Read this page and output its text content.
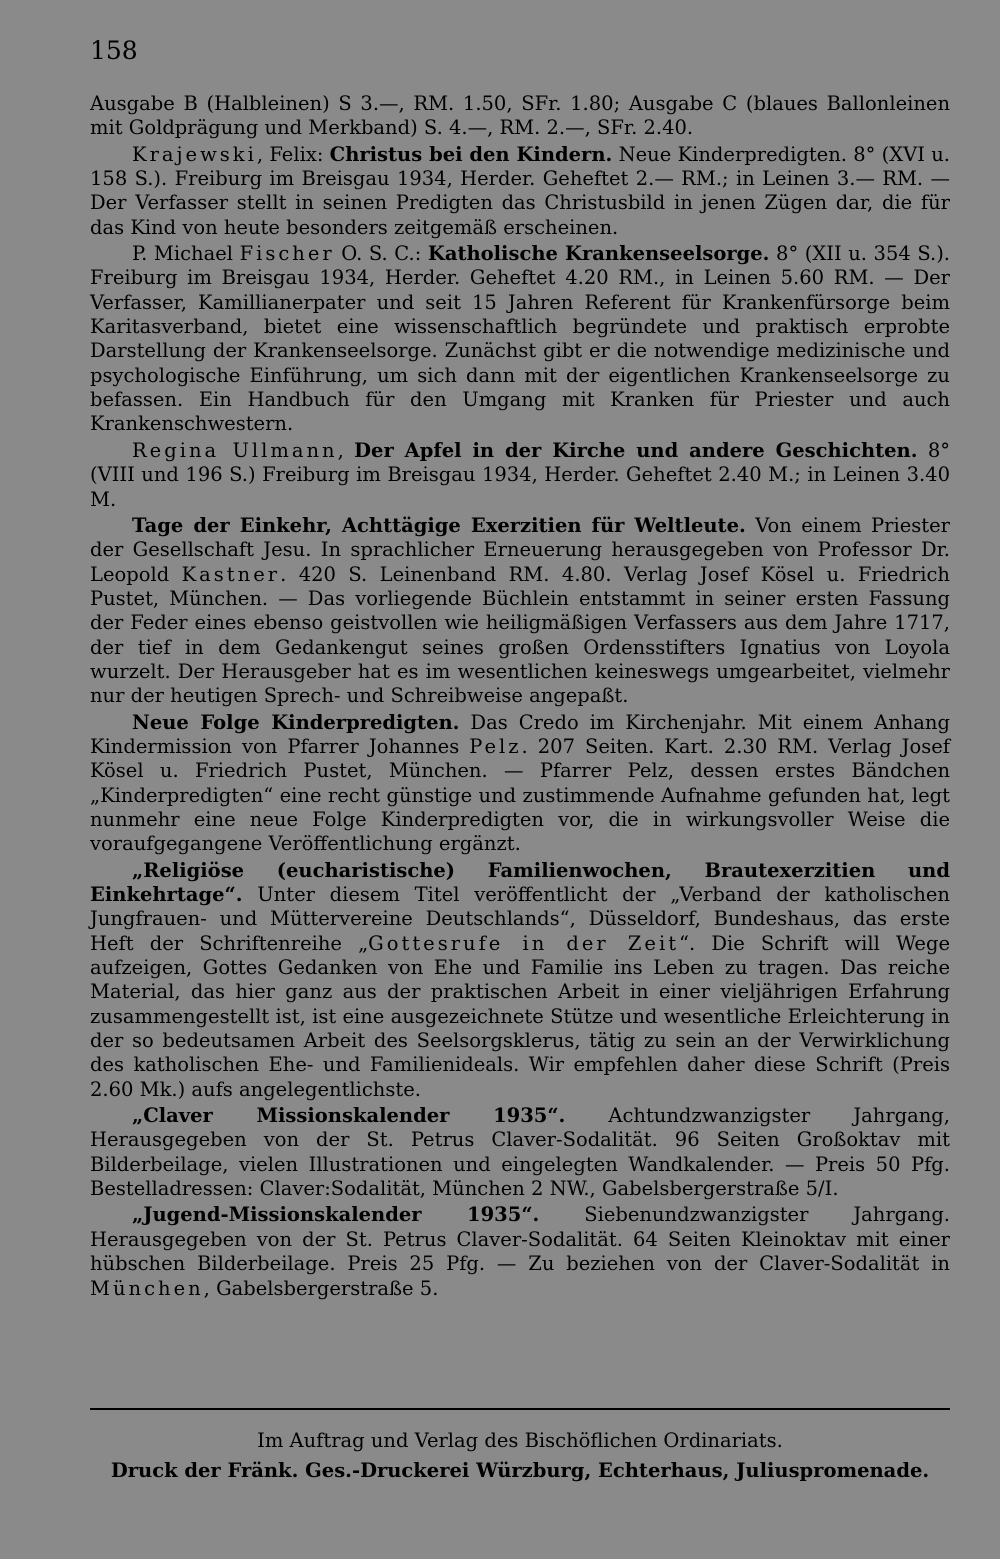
158

Ausgabe B (Halbleinen) S 3.—, RM. 1.50, SFr. 1.80; Ausgabe C (blaues Ballonleinen mit Goldprägung und Merkband) S. 4.—, RM. 2.—, SFr. 2.40.

Krajewski, Felix: Christus bei den Kindern. Neue Kinderpredigten. 8° (XVI u. 158 S.). Freiburg im Breisgau 1934, Herder. Geheftet 2.— RM.; in Leinen 3.— RM. — Der Verfasser stellt in seinen Predigten das Christusbild in jenen Zügen dar, die für das Kind von heute besonders zeitgemäß erscheinen.

P. Michael Fischer O. S. C.: Katholische Krankenseelsorge. 8° (XII u. 354 S.). Freiburg im Breisgau 1934, Herder. Geheftet 4.20 RM., in Leinen 5.60 RM. — Der Verfasser, Kamillianerpater und seit 15 Jahren Referent für Krankenfürsorge beim Karitasverband, bietet eine wissenschaftlich begründete und praktisch erprobte Darstellung der Krankenseelsorge. Zunächst gibt er die notwendige medizinische und psychologische Einführung, um sich dann mit der eigentlichen Krankenseelsorge zu befassen. Ein Handbuch für den Umgang mit Kranken für Priester und auch Krankenschwestern.

Regina Ullmann, Der Apfel in der Kirche und andere Geschichten. 8° (VIII und 196 S.) Freiburg im Breisgau 1934, Herder. Geheftet 2.40 M.; in Leinen 3.40 M.

Tage der Einkehr, Achttägige Exerzitien für Weltleute. Von einem Priester der Gesellschaft Jesu. In sprachlicher Erneuerung herausgegeben von Professor Dr. Leopold Kastner. 420 S. Leinenband RM. 4.80. Verlag Josef Kösel u. Friedrich Pustet, München. — Das vorliegende Büchlein entstammt in seiner ersten Fassung der Feder eines ebenso geistvollen wie heiligmäßigen Verfassers aus dem Jahre 1717, der tief in dem Gedankengut seines großen Ordensstifters Ignatius von Loyola wurzelt. Der Herausgeber hat es im wesentlichen keineswegs umgearbeitet, vielmehr nur der heutigen Sprech- und Schreibweise angepaßt.

Neue Folge Kinderpredigten. Das Credo im Kirchenjahr. Mit einem Anhang Kindermission von Pfarrer Johannes Pelz. 207 Seiten. Kart. 2.30 RM. Verlag Josef Kösel u. Friedrich Pustet, München. — Pfarrer Pelz, dessen erstes Bändchen „Kinderpredigten“ eine recht günstige und zustimmende Aufnahme gefunden hat, legt nunmehr eine neue Folge Kinderpredigten vor, die in wirkungsvoller Weise die voraufgegangene Veröffentlichung ergänzt.

„Religiöse (eucharistische) Familienwochen, Brautexerzitien und Einkehrtage“. Unter diesem Titel veröffentlicht der „Verband der katholischen Jungfrauen- und Müttervereine Deutschlands“, Düsseldorf, Bundeshaus, das erste Heft der Schriftenreihe „Gottesrufe in der Zeit“. Die Schrift will Wege aufzeigen, Gottes Gedanken von Ehe und Familie ins Leben zu tragen. Das reiche Material, das hier ganz aus der praktischen Arbeit in einer vieljährigen Erfahrung zusammengestellt ist, ist eine ausgezeichnete Stütze und wesentliche Erleichterung in der so bedeutsamen Arbeit des Seelsorgsklerus, tätig zu sein an der Verwirklichung des katholischen Ehe- und Familienideals. Wir empfehlen daher diese Schrift (Preis 2.60 Mk.) aufs angelegentlichste.

„Claver Missionskalender 1935“. Achtundzwanzigster Jahrgang, Herausgegeben von der St. Petrus Claver-Sodalität. 96 Seiten Großoktav mit Bilderbeilage, vielen Illustrationen und eingelegten Wandkalender. — Preis 50 Pfg. Bestelladressen: Claver:Sodalität, München 2 NW., Gabelsbergerstraße 5/I.

„Jugend-Missionskalender 1935“. Siebenundzwanzigster Jahrgang. Herausgegeben von der St. Petrus Claver-Sodalität. 64 Seiten Kleinoktav mit einer hübschen Bilderbeilage. Preis 25 Pfg. — Zu beziehen von der Claver-Sodalität in München, Gabelsbergerstraße 5.

Im Auftrag und Verlag des Bischöflichen Ordinariats.
Druck der Fränk. Ges.-Druckerei Würzburg, Echterhaus, Juliuspromenade.
